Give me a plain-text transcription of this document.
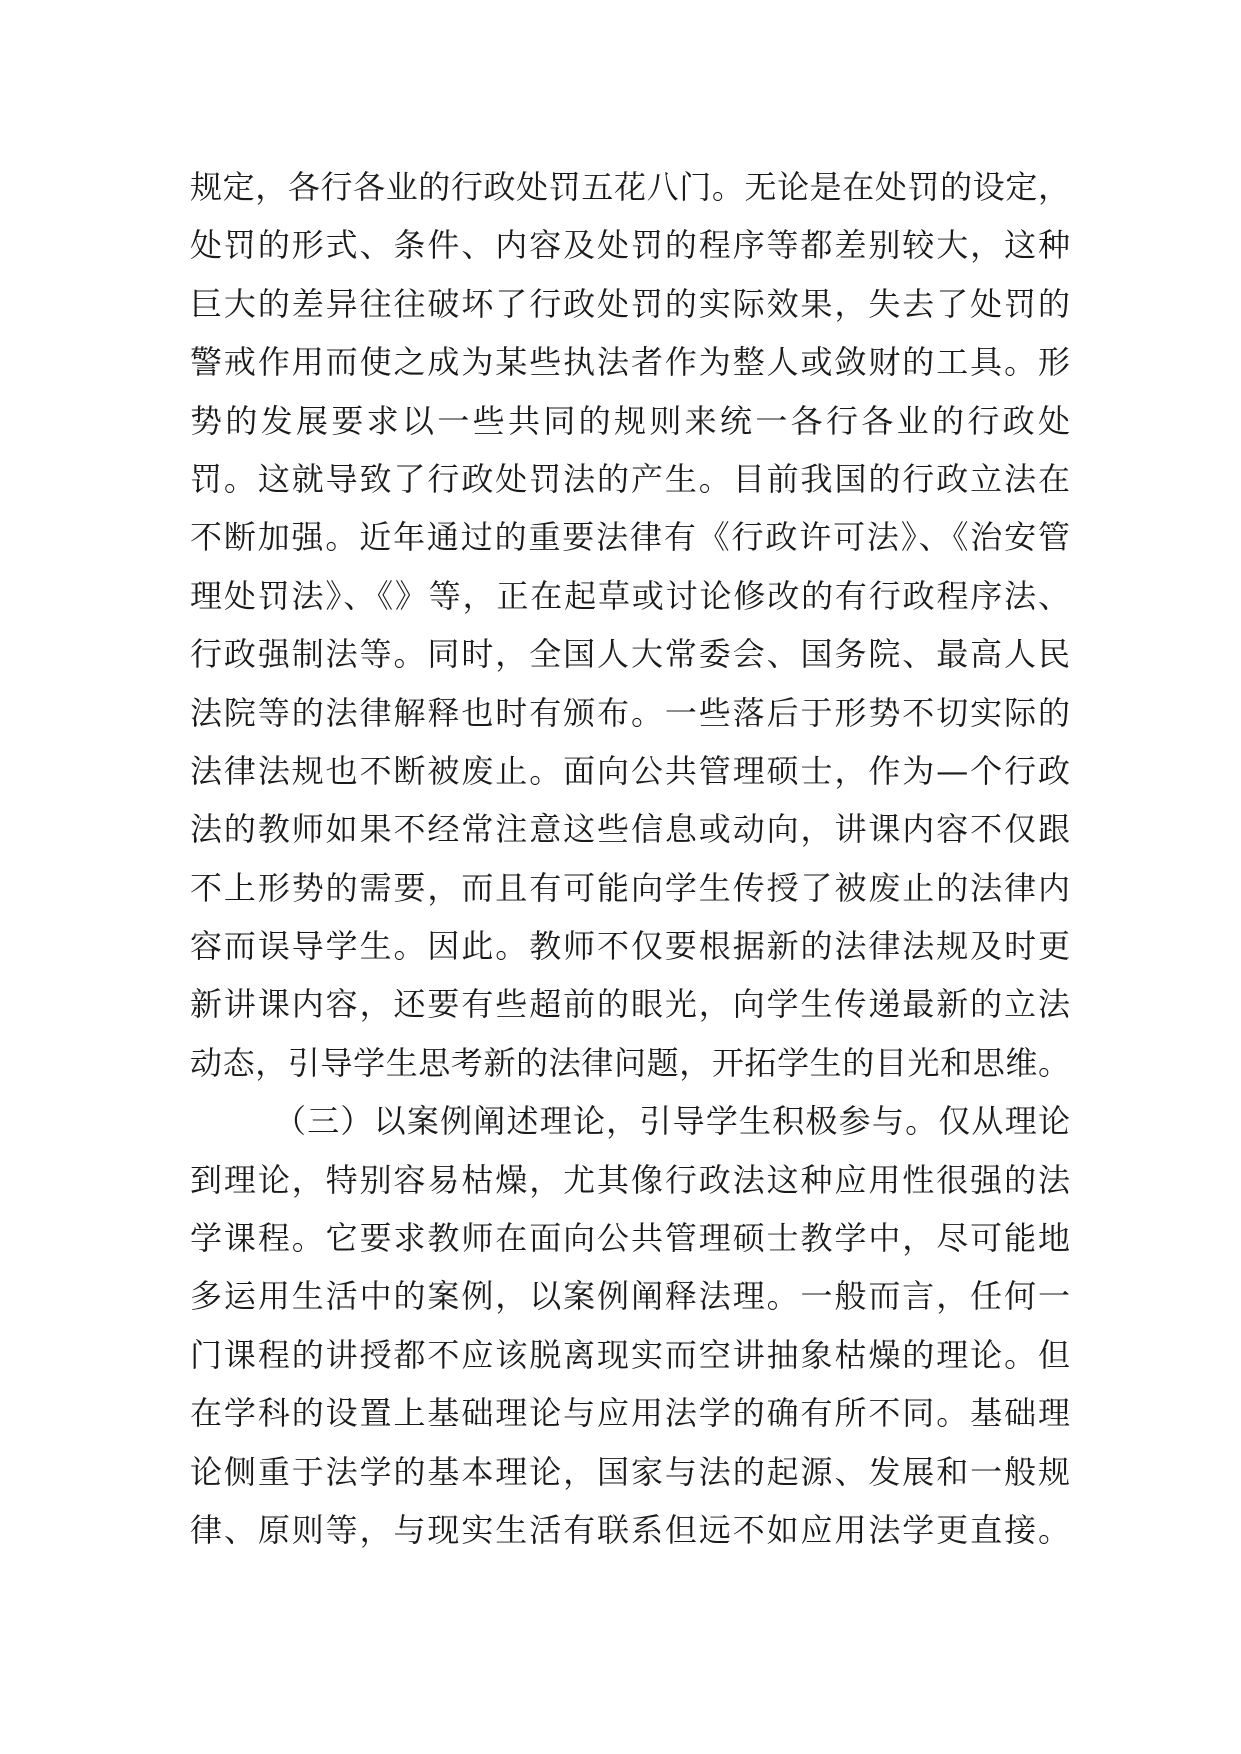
规定，各行各业的行政处罚五花八门。无论是在处罚的设定，
处罚的形式、条件、内容及处罚的程序等都差别较大，这种
巨大的差异往往破坏了行政处罚的实际效果，失去了处罚的
警戒作用而使之成为某些执法者作为整人或敛财的工具。形
势的发展要求以一些共同的规则来统一各行各业的行政处
罚。这就导致了行政处罚法的产生。目前我国的行政立法在
不断加强。近年通过的重要法律有《行政许可法》、《治安管
理处罚法》、《》等，正在起草或讨论修改的有行政程序法、
行政强制法等。同时，全国人大常委会、国务院、最高人民
法院等的法律解释也时有颁布。一些落后于形势不切实际的
法律法规也不断被废止。面向公共管理硕士，作为—个行政
法的教师如果不经常注意这些信息或动向，讲课内容不仅跟
不上形势的需要，而且有可能向学生传授了被废止的法律内
容而误导学生。因此。教师不仅要根据新的法律法规及时更
新讲课内容，还要有些超前的眼光，向学生传递最新的立法
动态，引导学生思考新的法律问题，开拓学生的目光和思维。
（三）以案例阐述理论，引导学生积极参与。仅从理论
到理论，特别容易枯燥，尤其像行政法这种应用性很强的法
学课程。它要求教师在面向公共管理硕士教学中，尽可能地
多运用生活中的案例，以案例阐释法理。一般而言，任何一
门课程的讲授都不应该脱离现实而空讲抽象枯燥的理论。但
在学科的设置上基础理论与应用法学的确有所不同。基础理
论侧重于法学的基本理论，国家与法的起源、发展和一般规
律、原则等，与现实生活有联系但远不如应用法学更直接。
